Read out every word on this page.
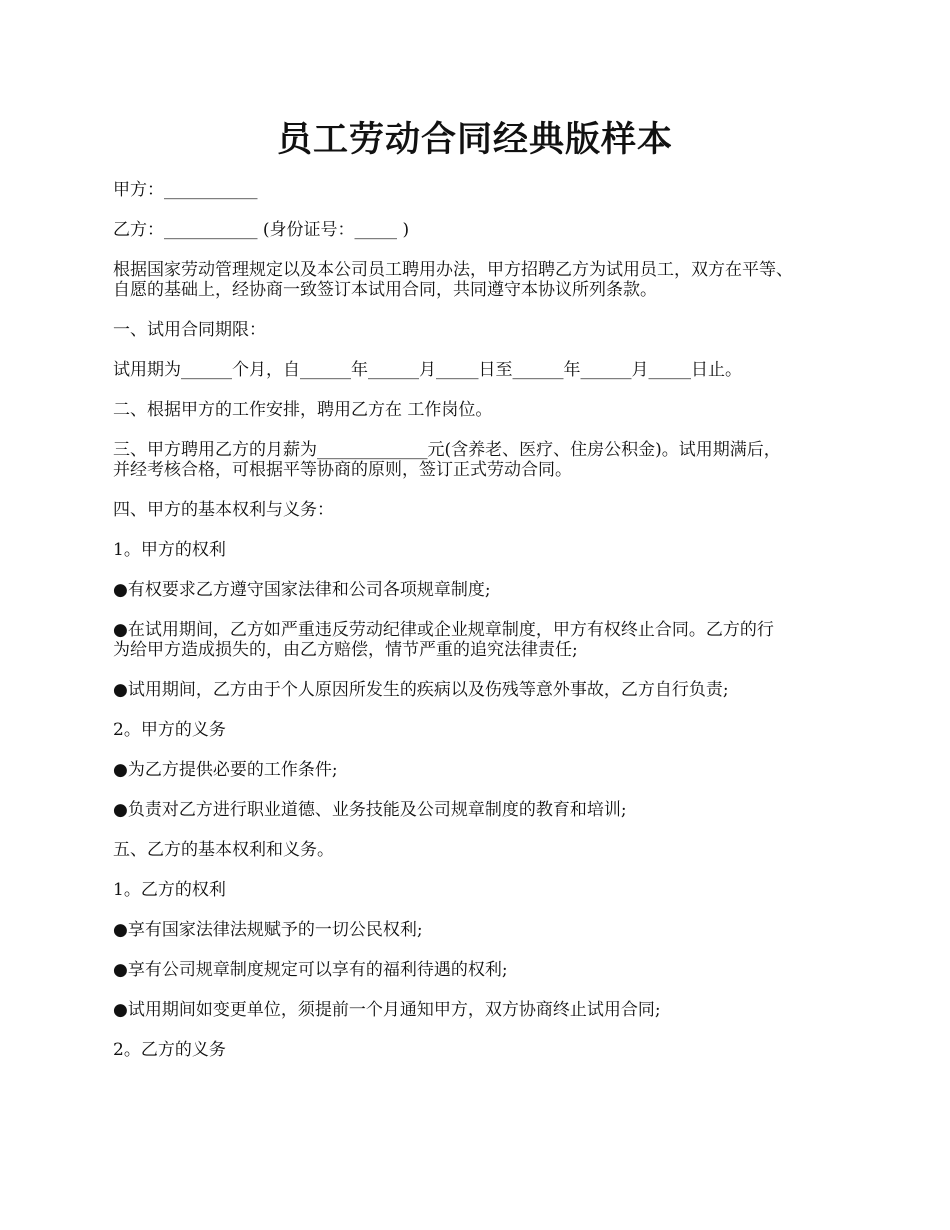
员工劳动合同经典版样本

甲方：___________

乙方：___________ (身份证号：_____ )

根据国家劳动管理规定以及本公司员工聘用办法，甲方招聘乙方为试用员工，双方在平等、
自愿的基础上，经协商一致签订本试用合同，共同遵守本协议所列条款。

一、试用合同期限：

试用期为______个月，自______年______月_____日至______年______月_____日止。

二、根据甲方的工作安排，聘用乙方在 工作岗位。

三、甲方聘用乙方的月薪为_____________元(含养老、医疗、住房公积金)。试用期满后，
并经考核合格，可根据平等协商的原则，签订正式劳动合同。

四、甲方的基本权利与义务：

1。甲方的权利

●有权要求乙方遵守国家法律和公司各项规章制度;

●在试用期间，乙方如严重违反劳动纪律或企业规章制度，甲方有权终止合同。乙方的行
为给甲方造成损失的，由乙方赔偿，情节严重的追究法律责任;

●试用期间，乙方由于个人原因所发生的疾病以及伤残等意外事故，乙方自行负责;

2。甲方的义务

●为乙方提供必要的工作条件;

●负责对乙方进行职业道德、业务技能及公司规章制度的教育和培训;

五、乙方的基本权利和义务。

1。乙方的权利

●享有国家法律法规赋予的一切公民权利;

●享有公司规章制度规定可以享有的福利待遇的权利;

●试用期间如变更单位，须提前一个月通知甲方，双方协商终止试用合同;

2。乙方的义务
